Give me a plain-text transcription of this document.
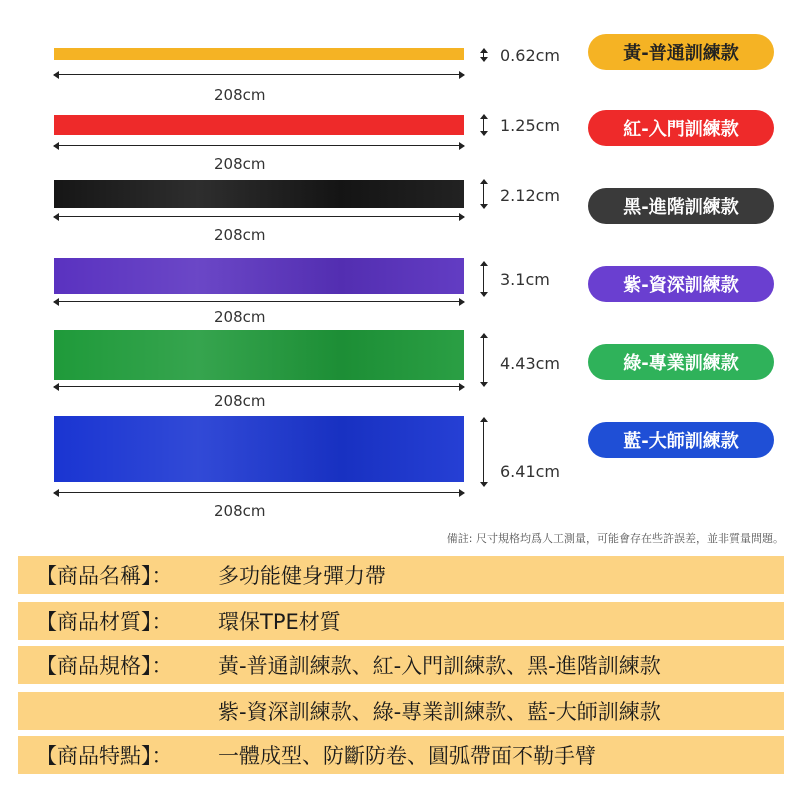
208cm
0.62cm	黃-普通訓練款
208cm
1.25cm	紅-入門訓練款
208cm
2.12cm
黑-進階訓練款
208cm
3.1cm	紫-資深訓練款
208cm
4.43cm	綠-專業訓練款
208cm
6.41cm
藍-大師訓練款
備註: 尺寸規格均爲人工測量，可能會存在些許誤差，並非質量問題。
【商品名稱】：	多功能健身彈力帶
【商品材質】：	環保TPE材質
【商品規格】：	黃-普通訓練款、紅-入門訓練款、黑-進階訓練款
紫-資深訓練款、綠-專業訓練款、藍-大師訓練款
【商品特點】：	一體成型、防斷防卷、圓弧帶面不勒手臂
